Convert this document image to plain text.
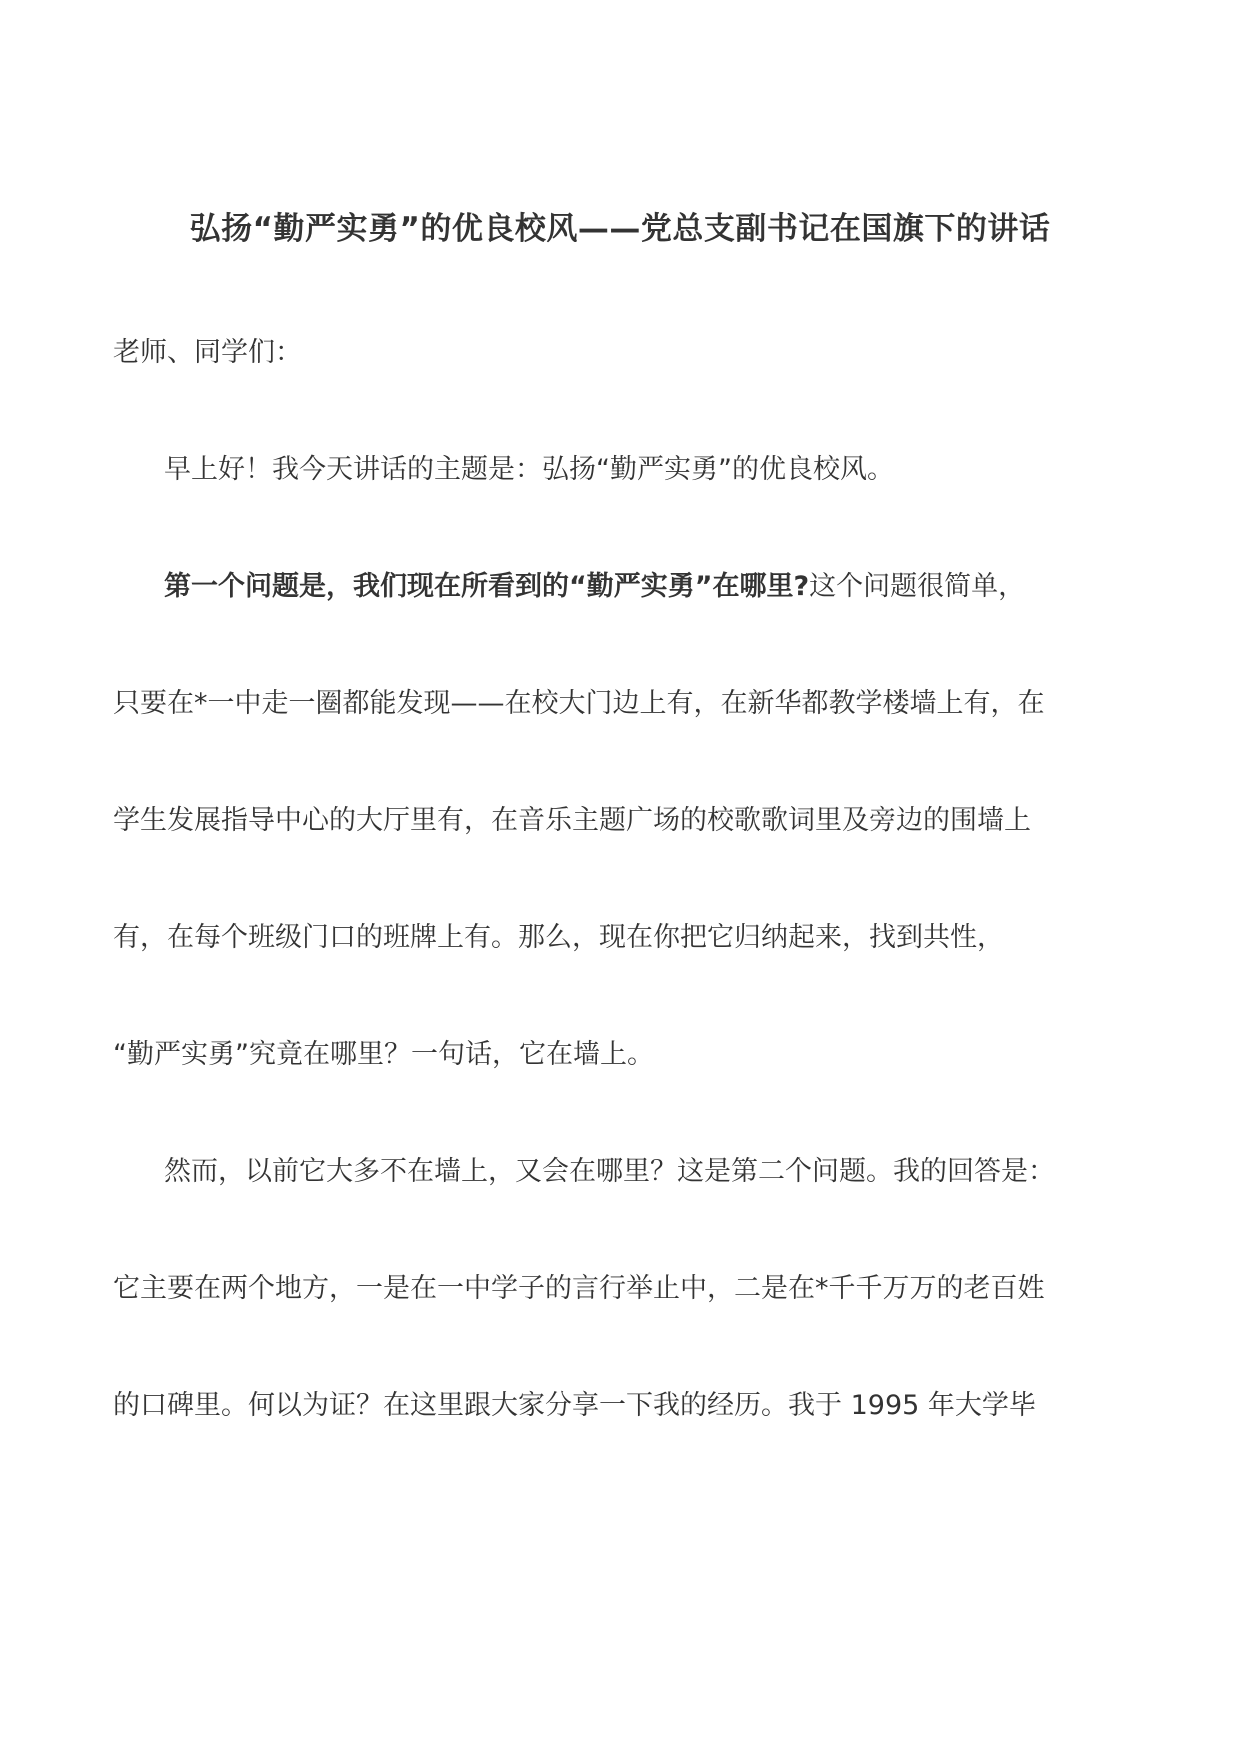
弘扬“勤严实勇”的优良校风——党总支副书记在国旗下的讲话
老师、同学们：
早上好！我今天讲话的主题是：弘扬“勤严实勇”的优良校风。
第一个问题是，我们现在所看到的“勤严实勇”在哪里?这个问题很简单，
只要在*一中走一圈都能发现——在校大门边上有，在新华都教学楼墙上有，在
学生发展指导中心的大厅里有，在音乐主题广场的校歌歌词里及旁边的围墙上
有，在每个班级门口的班牌上有。那么，现在你把它归纳起来，找到共性，
“勤严实勇”究竟在哪里？一句话，它在墙上。
然而，以前它大多不在墙上，又会在哪里？这是第二个问题。我的回答是：
它主要在两个地方，一是在一中学子的言行举止中，二是在*千千万万的老百姓
的口碑里。何以为证？在这里跟大家分享一下我的经历。我于 1995 年大学毕
